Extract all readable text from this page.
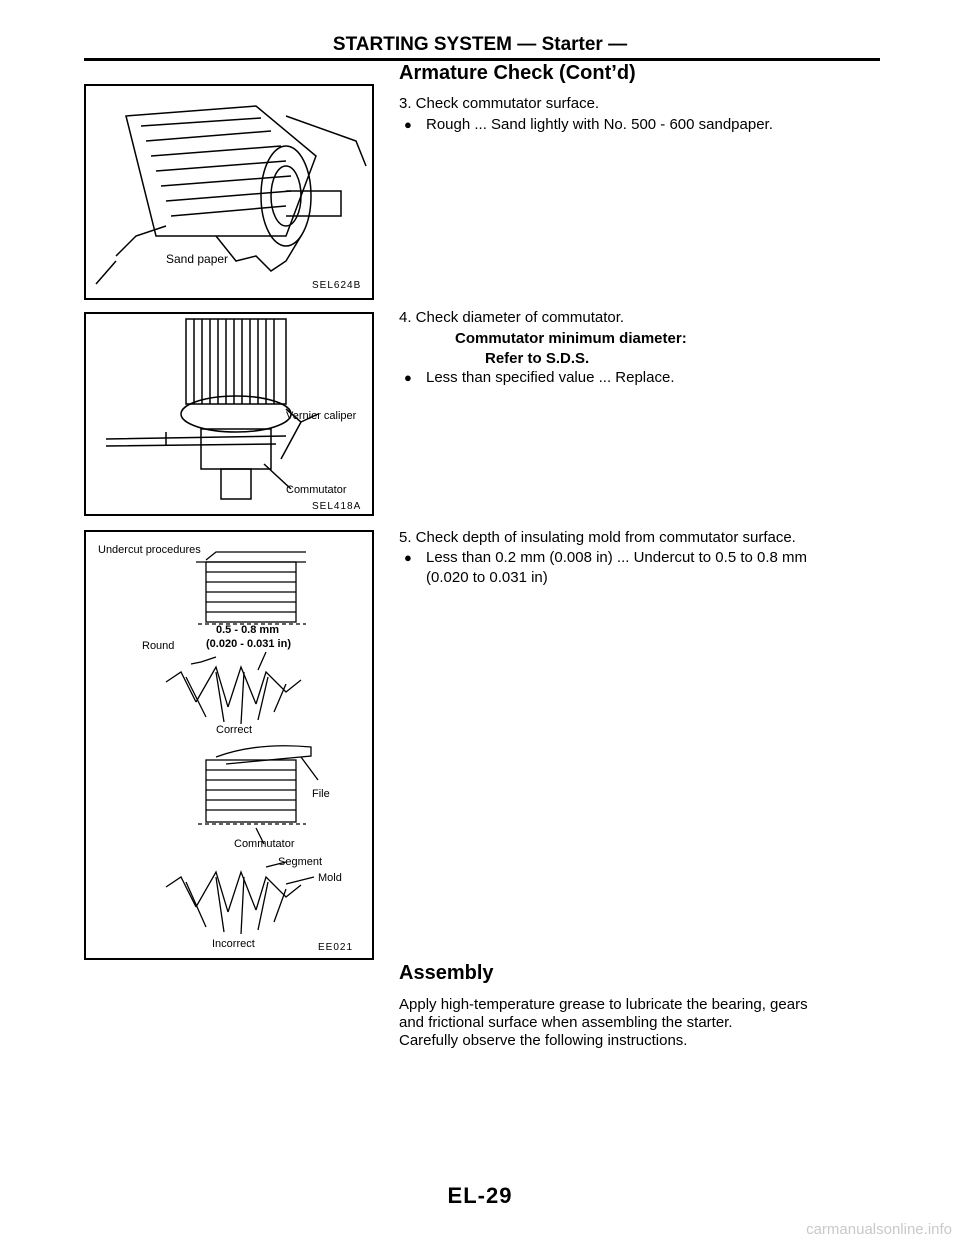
STARTING SYSTEM — Starter —
Sand paper
SEL624B
Vernier caliper
Commutator
SEL418A
Undercut procedures
0.5 - 0.8 mm
Round	(0.020 - 0.031 in)
Correct
File
Commutator
Segment
Mold
Incorrect	EE021
Armature Check (Cont’d)
3. Check commutator surface.
● Rough ... Sand lightly with No. 500 - 600 sandpaper.
4. Check diameter of commutator.
Commutator minimum diameter:
Refer to S.D.S.
● Less than specified value ... Replace.
5. Check depth of insulating mold from commutator surface.
● Less than 0.2 mm (0.008 in) ... Undercut to 0.5 to 0.8 mm
(0.020 to 0.031 in)
Assembly
Apply high-temperature grease to lubricate the bearing, gears
and frictional surface when assembling the starter.
Carefully observe the following instructions.
EL-29
carmanualsonline.info
